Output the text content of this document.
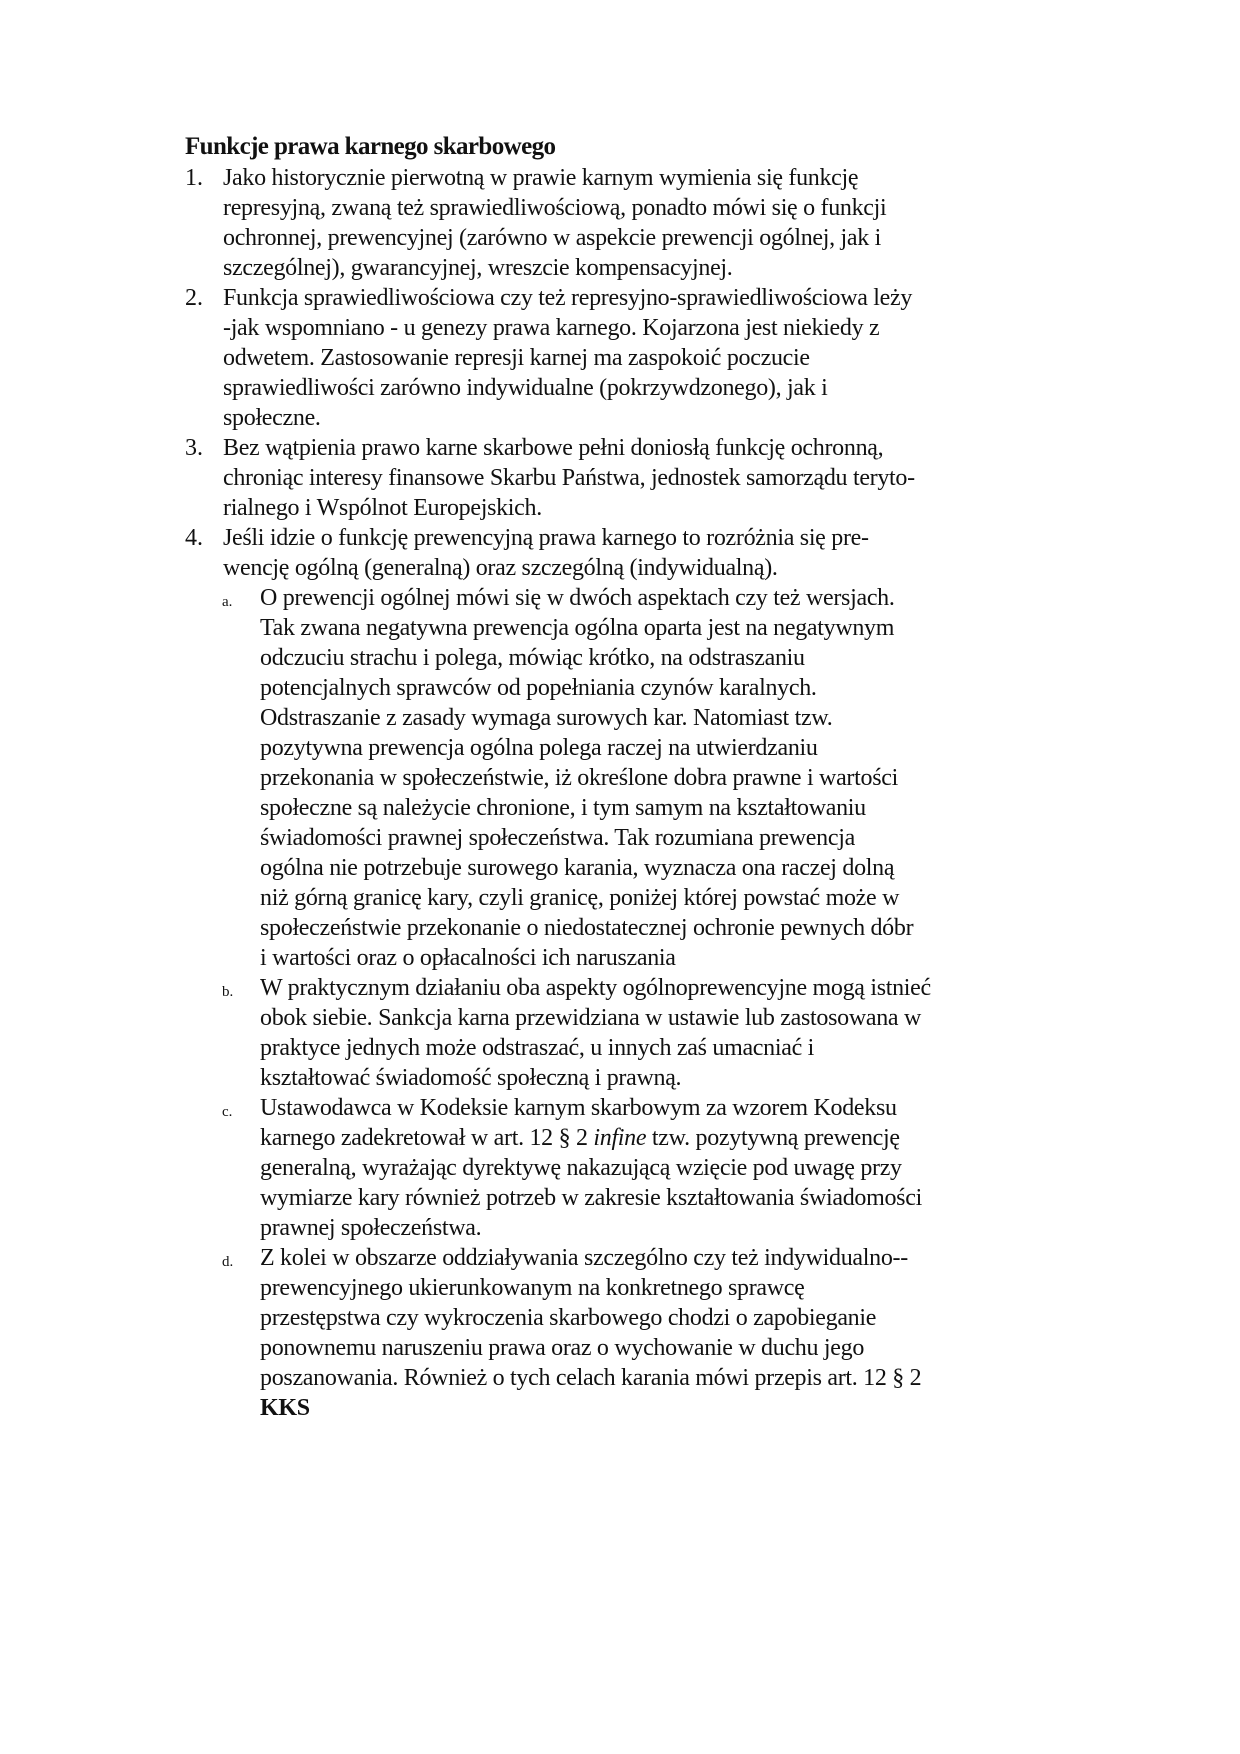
Funkcje prawa karnego skarbowego
1. Jako historycznie pierwotną w prawie karnym wymienia się funkcję
represyjną, zwaną też sprawiedliwościową, ponadto mówi się o funkcji
ochronnej, prewencyjnej (zarówno w aspekcie prewencji ogólnej, jak i
szczególnej), gwarancyjnej, wreszcie kompensacyjnej.
2. Funkcja sprawiedliwościowa czy też represyjno-sprawiedliwościowa leży
-jak wspomniano - u genezy prawa karnego. Kojarzona jest niekiedy z
odwetem. Zastosowanie represji karnej ma zaspokoić poczucie
sprawiedliwości zarówno indywidualne (pokrzywdzonego), jak i
społeczne.
3. Bez wątpienia prawo karne skarbowe pełni doniosłą funkcję ochronną,
chroniąc interesy finansowe Skarbu Państwa, jednostek samorządu teryto-
rialnego i Wspólnot Europejskich.
4. Jeśli idzie o funkcję prewencyjną prawa karnego to rozróżnia się pre-
wencję ogólną (generalną) oraz szczególną (indywidualną).
a. O prewencji ogólnej mówi się w dwóch aspektach czy też wersjach.
Tak zwana negatywna prewencja ogólna oparta jest na negatywnym
odczuciu strachu i polega, mówiąc krótko, na odstraszaniu
potencjalnych sprawców od popełniania czynów karalnych.
Odstraszanie z zasady wymaga surowych kar. Natomiast tzw.
pozytywna prewencja ogólna polega raczej na utwierdzaniu
przekonania w społeczeństwie, iż określone dobra prawne i wartości
społeczne są należycie chronione, i tym samym na kształtowaniu
świadomości prawnej społeczeństwa. Tak rozumiana prewencja
ogólna nie potrzebuje surowego karania, wyznacza ona raczej dolną
niż górną granicę kary, czyli granicę, poniżej której powstać może w
społeczeństwie przekonanie o niedostatecznej ochronie pewnych dóbr
i wartości oraz o opłacalności ich naruszania
b. W praktycznym działaniu oba aspekty ogólnoprewencyjne mogą istnieć
obok siebie. Sankcja karna przewidziana w ustawie lub zastosowana w
praktyce jednych może odstraszać, u innych zaś umacniać i
kształtować świadomość społeczną i prawną.
c. Ustawodawca w Kodeksie karnym skarbowym za wzorem Kodeksu
karnego zadekretował w art. 12 § 2 infine tzw. pozytywną prewencję
generalną, wyrażając dyrektywę nakazującą wzięcie pod uwagę przy
wymiarze kary również potrzeb w zakresie kształtowania świadomości
prawnej społeczeństwa.
d. Z kolei w obszarze oddziaływania szczególno czy też indywidualno--
prewencyjnego ukierunkowanym na konkretnego sprawcę
przestępstwa czy wykroczenia skarbowego chodzi o zapobieganie
ponownemu naruszeniu prawa oraz o wychowanie w duchu jego
poszanowania. Również o tych celach karania mówi przepis art. 12 § 2
KKS
